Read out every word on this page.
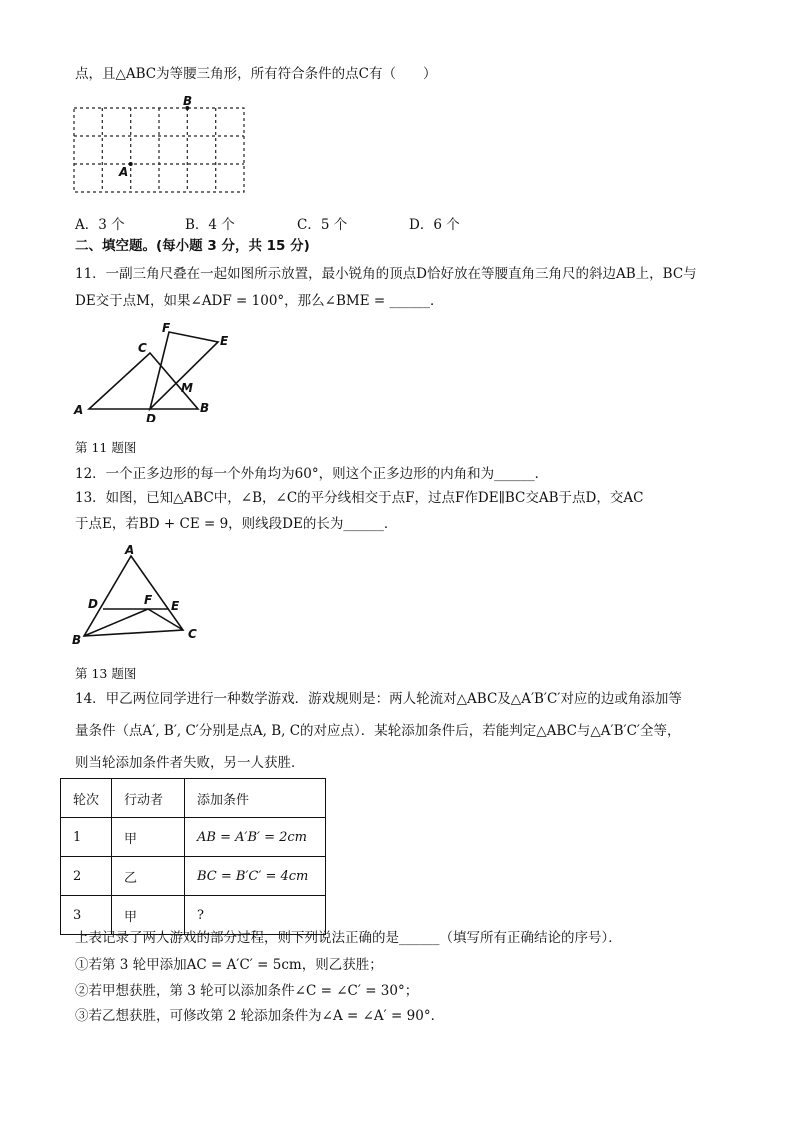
点，且△ABC为等腰三角形，所有符合条件的点C有（　　）
B
A
A．3 个	B．4 个	C．5 个	D．6 个
二、填空题。(每小题 3 分，共 15 分)
11．一副三角尺叠在一起如图所示放置，最小锐角的顶点D恰好放在等腰直角三角尺的斜边AB上，BC与
DE交于点M，如果∠ADF = 100°，那么∠BME = ______．
A	B
C
D
E
F
M
第 11 题图
12．一个正多边形的每一个外角均为60°，则这个正多边形的内角和为______．
13．如图，已知△ABC中，∠B，∠C的平分线相交于点F，过点F作DE∥BC交AB于点D，交AC
于点E，若BD + CE = 9，则线段DE的长为______．
A
B	C
D	E
F
第 13 题图
14．甲乙两位同学进行一种数学游戏．游戏规则是：两人轮流对△ABC及△A′B′C′对应的边或角添加等
量条件（点A′, B′, C′分别是点A, B, C的对应点）．某轮添加条件后，若能判定△ABC与△A′B′C′全等，
则当轮添加条件者失败，另一人获胜．
轮次	行动者	添加条件
1	甲	AB = A′B′ = 2cm
2	乙	BC = B′C′ = 4cm
3	甲	?
上表记录了两人游戏的部分过程，则下列说法正确的是______（填写所有正确结论的序号）．
①若第 3 轮甲添加AC = A′C′ = 5cm，则乙获胜；
②若甲想获胜，第 3 轮可以添加条件∠C = ∠C′ = 30°；
③若乙想获胜，可修改第 2 轮添加条件为∠A = ∠A′ = 90°．
